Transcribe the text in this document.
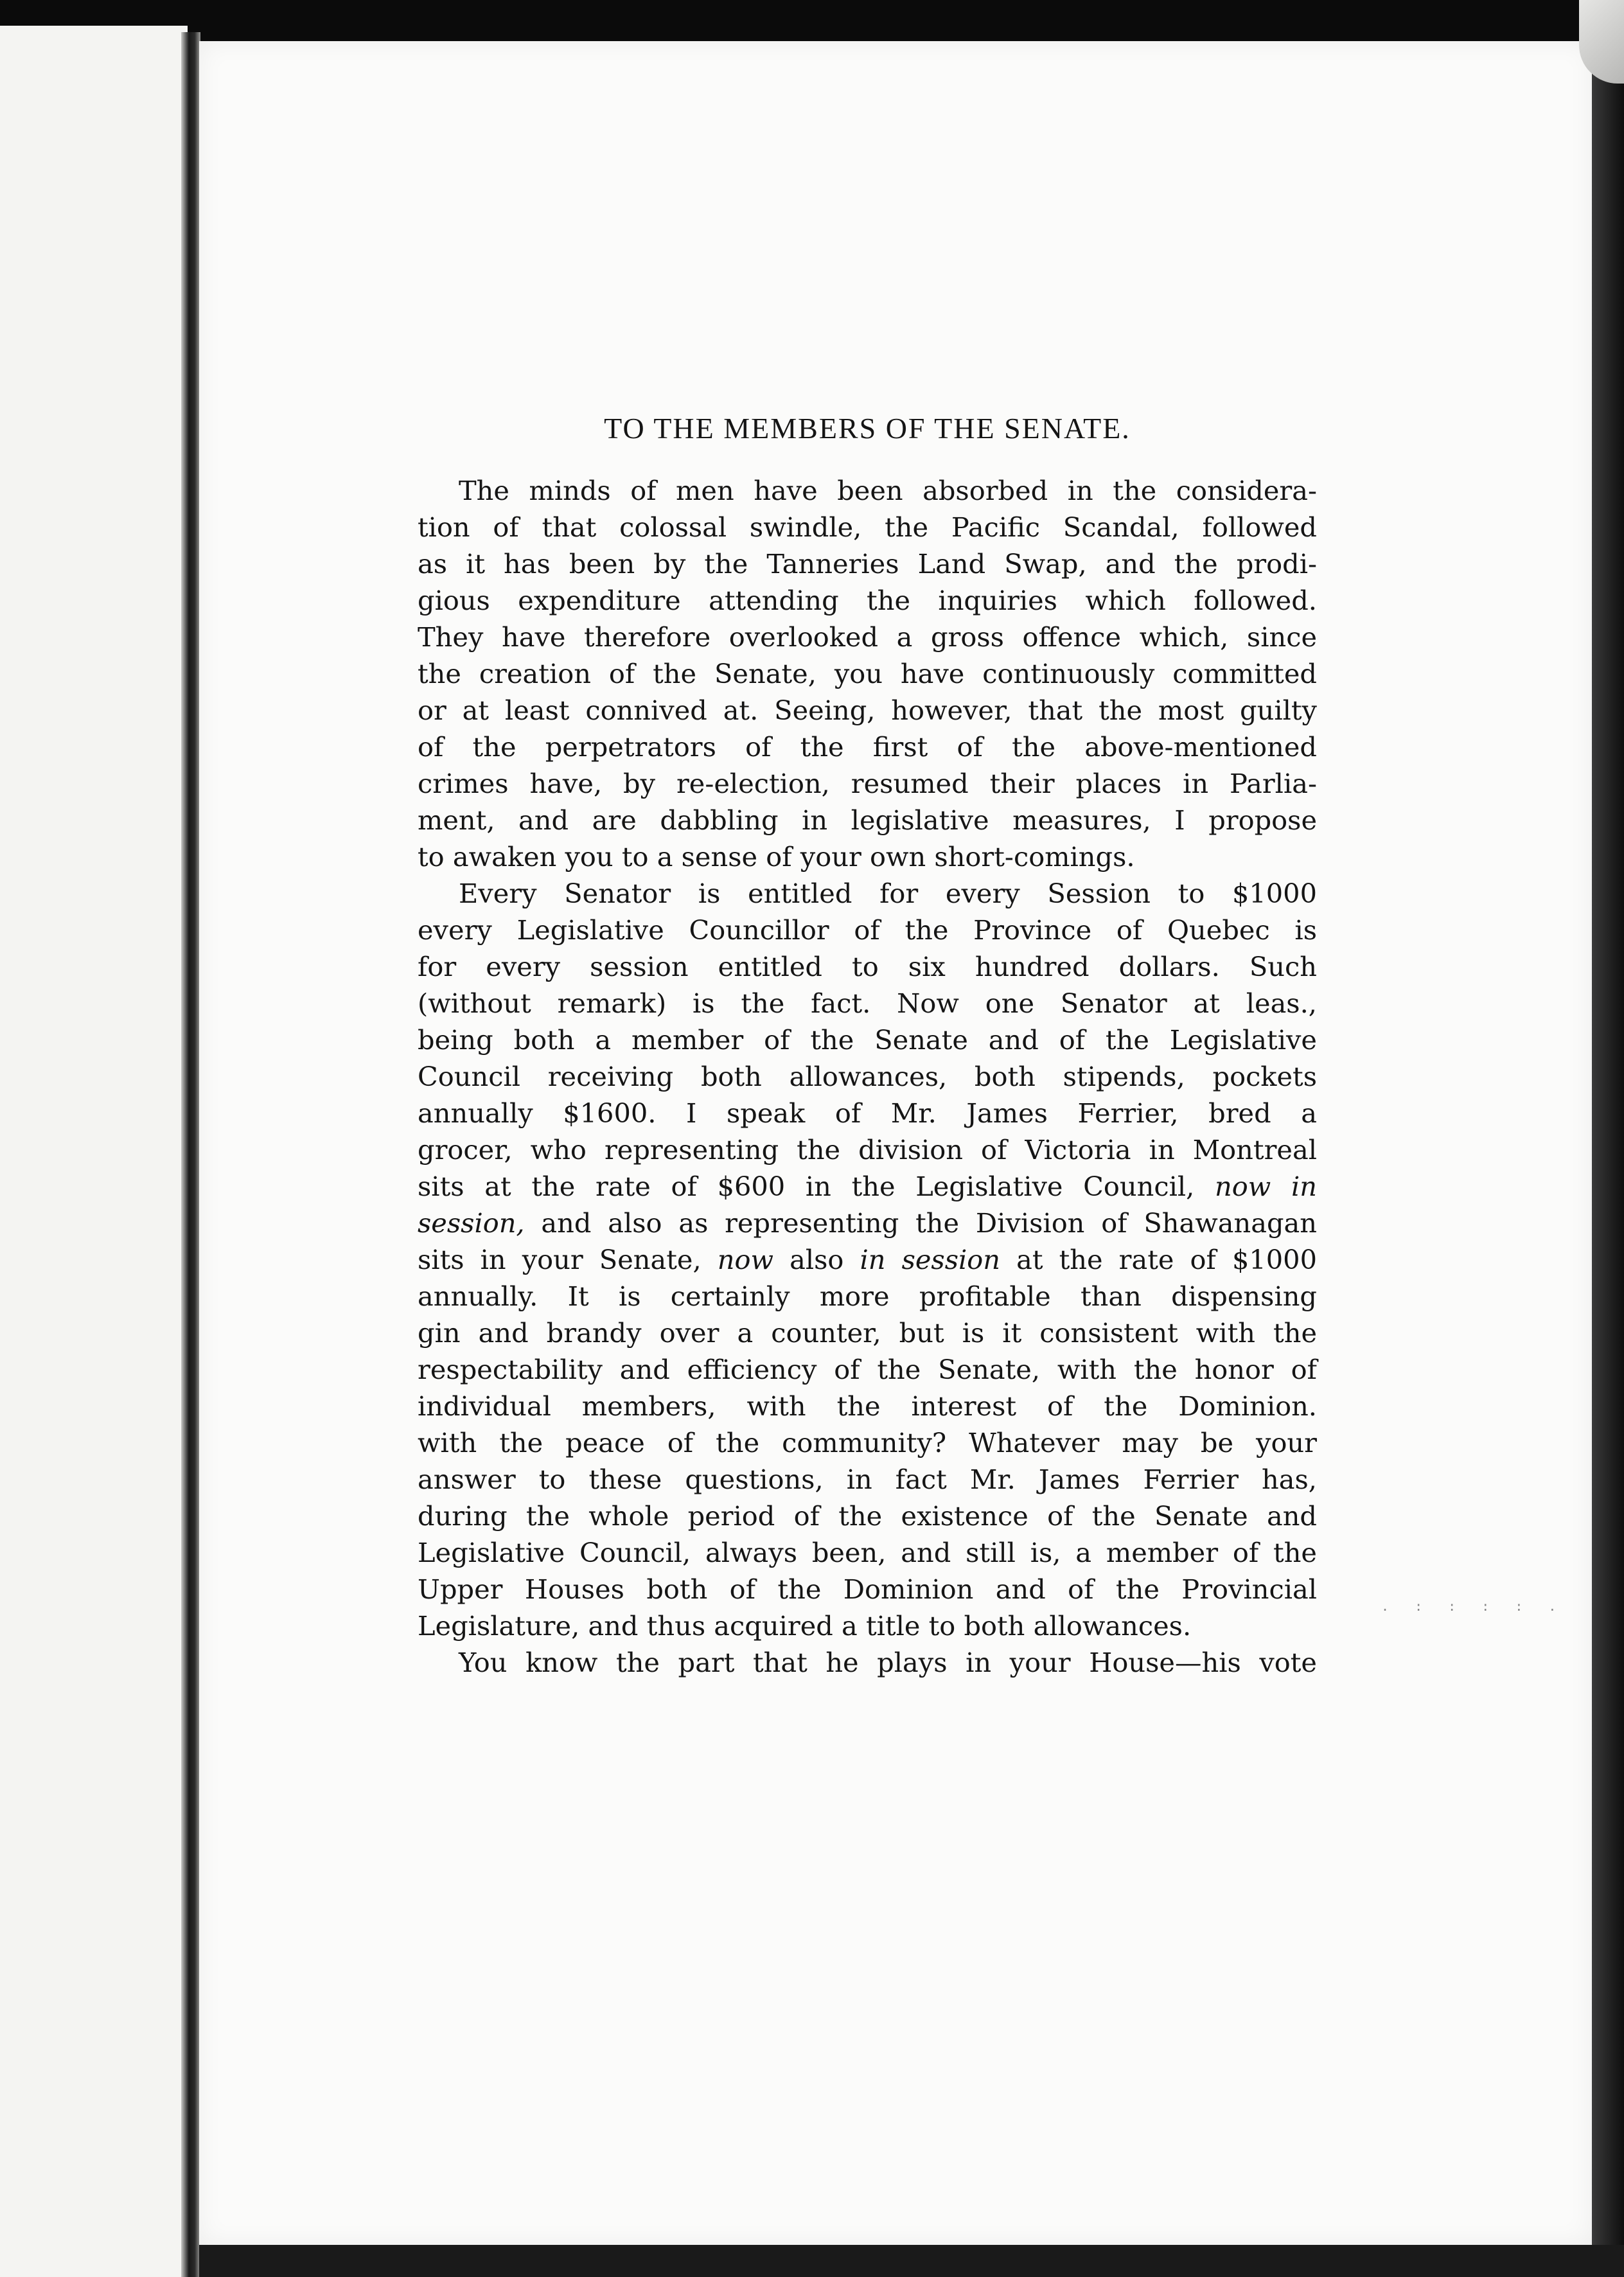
TO THE MEMBERS OF THE SENATE.
The minds of men have been absorbed in the considera-
tion of that colossal swindle, the Pacific Scandal, followed
as it has been by the Tanneries Land Swap, and the prodi-
gious expenditure attending the inquiries which followed.
They have therefore overlooked a gross offence which, since
the creation of the Senate, you have continuously committed
or at least connived at. Seeing, however, that the most guilty
of the perpetrators of the first of the above-mentioned
crimes have, by re-election, resumed their places in Parlia-
ment, and are dabbling in legislative measures, I propose
to awaken you to a sense of your own short-comings.
Every Senator is entitled for every Session to $1000
every Legislative Councillor of the Province of Quebec is
for every session entitled to six hundred dollars. Such
(without remark) is the fact. Now one Senator at leas.,
being both a member of the Senate and of the Legislative
Council receiving both allowances, both stipends, pockets
annually $1600. I speak of Mr. James Ferrier, bred a
grocer, who representing the division of Victoria in Montreal
sits at the rate of $600 in the Legislative Council, now in
session, and also as representing the Division of Shawanagan
sits in your Senate, now also in session at the rate of $1000
annually. It is certainly more profitable than dispensing
gin and brandy over a counter, but is it consistent with the
respectability and efficiency of the Senate, with the honor of
individual members, with the interest of the Dominion.
with the peace of the community? Whatever may be your
answer to these questions, in fact Mr. James Ferrier has,
during the whole period of the existence of the Senate and
Legislative Council, always been, and still is, a member of the
Upper Houses both of the Dominion and of the Provincial
Legislature, and thus acquired a title to both allowances.
You know the part that he plays in your House—his vote
. : : : : .
